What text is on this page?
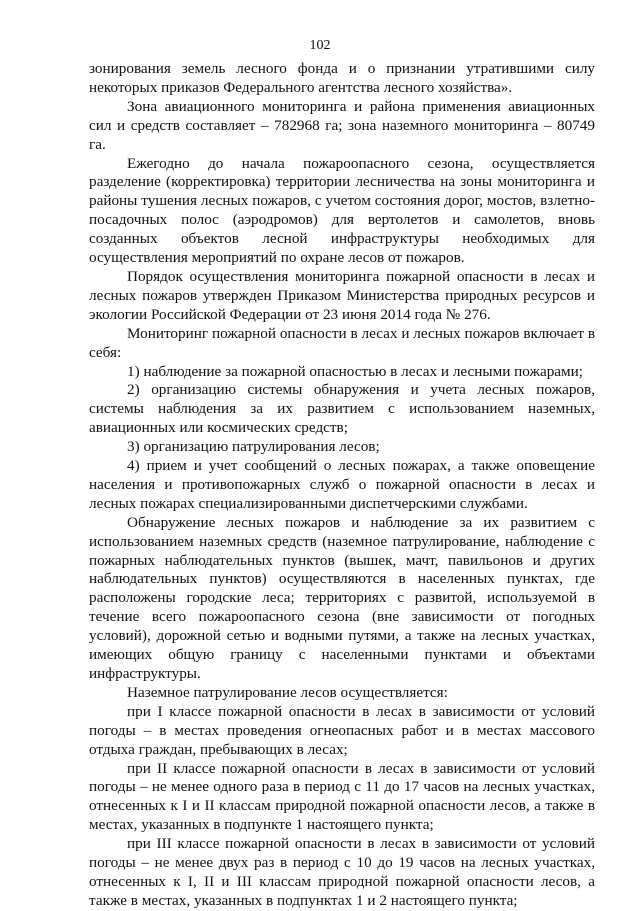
102

зонирования земель лесного фонда и о признании утратившими силу некоторых приказов Федерального агентства лесного хозяйства».

Зона авиационного мониторинга и района применения авиационных сил и средств составляет – 782968 га; зона наземного мониторинга – 80749 га.

Ежегодно до начала пожароопасного сезона, осуществляется разделение (корректировка) территории лесничества на зоны мониторинга и районы тушения лесных пожаров, с учетом состояния дорог, мостов, взлетно-посадочных полос (аэродромов) для вертолетов и самолетов, вновь созданных объектов лесной инфраструктуры необходимых для осуществления мероприятий по охране лесов от пожаров.

Порядок осуществления мониторинга пожарной опасности в лесах и лесных пожаров утвержден Приказом Министерства природных ресурсов и экологии Российской Федерации от 23 июня 2014 года № 276.

Мониторинг пожарной опасности в лесах и лесных пожаров включает в себя:

1) наблюдение за пожарной опасностью в лесах и лесными пожарами;

2) организацию системы обнаружения и учета лесных пожаров, системы наблюдения за их развитием с использованием наземных, авиационных или космических средств;

3) организацию патрулирования лесов;

4) прием и учет сообщений о лесных пожарах, а также оповещение населения и противопожарных служб о пожарной опасности в лесах и лесных пожарах специализированными диспетчерскими службами.

Обнаружение лесных пожаров и наблюдение за их развитием с использованием наземных средств (наземное патрулирование, наблюдение с пожарных наблюдательных пунктов (вышек, мачт, павильонов и других наблюдательных пунктов) осуществляются в населенных пунктах, где расположены городские леса; территориях с развитой, используемой в течение всего пожароопасного сезона (вне зависимости от погодных условий), дорожной сетью и водными путями, а также на лесных участках, имеющих общую границу с населенными пунктами и объектами инфраструктуры.

Наземное патрулирование лесов осуществляется:

при I классе пожарной опасности в лесах в зависимости от условий погоды – в местах проведения огнеопасных работ и в местах массового отдыха граждан, пребывающих в лесах;

при II классе пожарной опасности в лесах в зависимости от условий погоды – не менее одного раза в период с 11 до 17 часов на лесных участках, отнесенных к I и II классам природной пожарной опасности лесов, а также в местах, указанных в подпункте 1 настоящего пункта;

при III классе пожарной опасности в лесах в зависимости от условий погоды – не менее двух раз в период с 10 до 19 часов на лесных участках, отнесенных к I, II и III классам природной пожарной опасности лесов, а также в местах, указанных в подпунктах 1 и 2 настоящего пункта;
